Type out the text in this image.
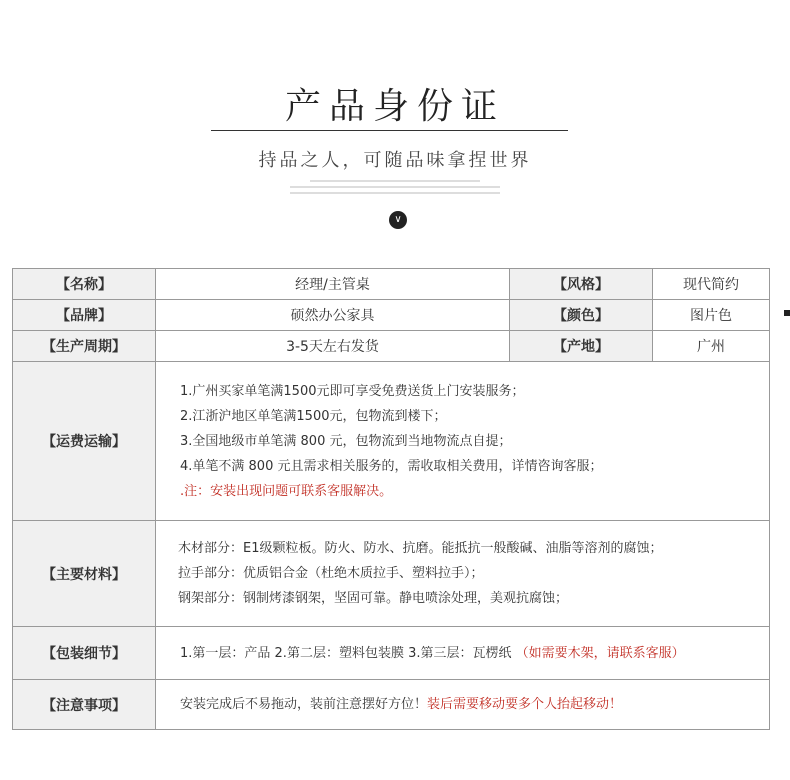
产品身份证
持品之人，可随品味拿捏世界
∨
【名称】	经理/主管桌	【风格】	现代简约
【品牌】	硕然办公家具	【颜色】	图片色
【生产周期】	3-5天左右发货	【产地】	广州
【运费运输】	1.广州买家单笔满1500元即可享受免费送货上门安装服务；
2.江浙沪地区单笔满1500元，包物流到楼下；
3.全国地级市单笔满 800 元，包物流到当地物流点自提；
4.单笔不满 800 元且需求相关服务的，需收取相关费用，详情咨询客服；
.注：安装出现问题可联系客服解决。		

【主要材料】	木材部分：E1级颗粒板。防火、防水、抗磨。能抵抗一般酸碱、油脂等溶剂的腐蚀；
拉手部分：优质铝合金（杜绝木质拉手、塑料拉手）；
钢架部分：钢制烤漆钢架，坚固可靠。静电喷涂处理，美观抗腐蚀；		

【包装细节】	1.第一层：产品 2.第二层：塑料包装膜 3.第三层：瓦楞纸 （如需要木架，请联系客服）		
【注意事项】	安装完成后不易拖动，装前注意摆好方位！装后需要移动要多个人抬起移动！		
